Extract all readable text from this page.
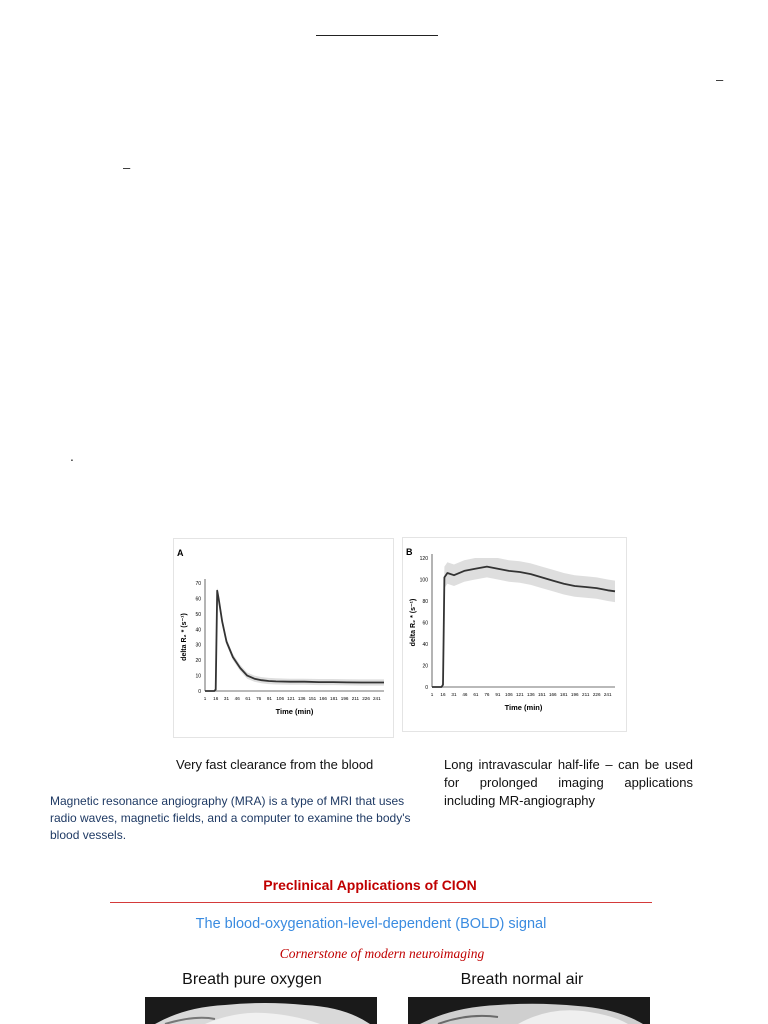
–
–
.
A
0
10
20
30
40
50
60
70
1 16 31 46 61 76 91 106 121 136 151 166 181 196 211 226 241
Time (min)
delta R₂ * (s⁻¹)
B
0
20
40
60
80
100
120
1 16 31 46 61 76 91 106 121 136 151 166 181 196 211 226 241
Time (min)
delta R₂ * (s⁻¹)
Very fast clearance from the blood	Long intravascular half-life – can be used for prolonged imaging applications including MR-angiography
Magnetic resonance angiography (MRA) is a type of MRI that uses radio waves, magnetic fields, and a computer to examine the body's blood vessels.
Preclinical Applications of CION
The blood-oxygenation-level-dependent (BOLD) signal
Cornerstone of modern neuroimaging
Breath pure oxygen	Breath normal air
